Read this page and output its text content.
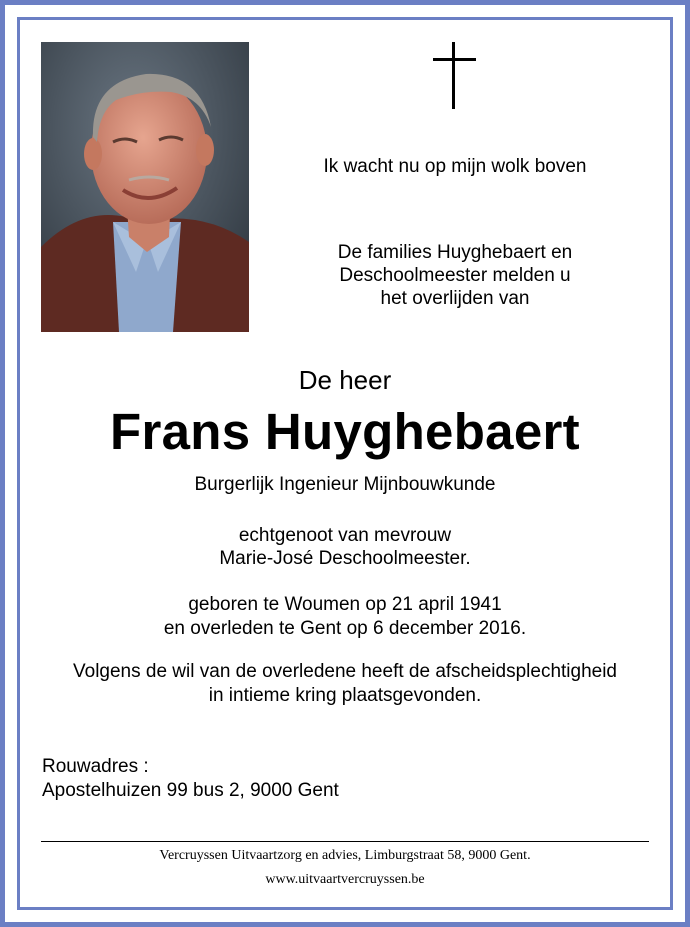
Ik wacht nu op mijn wolk boven
De families Huyghebaert en
Deschoolmeester melden u
het overlijden van
De heer
Frans Huyghebaert
Burgerlijk Ingenieur Mijnbouwkunde
echtgenoot van mevrouw
Marie-José Deschoolmeester.
geboren te Woumen op 21 april 1941
en overleden te Gent op 6 december 2016.
Volgens de wil van de overledene heeft de afscheidsplechtigheid
in intieme kring plaatsgevonden.
Rouwadres :
Apostelhuizen 99 bus 2, 9000 Gent
Vercruyssen Uitvaartzorg en advies, Limburgstraat 58, 9000 Gent.
www.uitvaartvercruyssen.be
